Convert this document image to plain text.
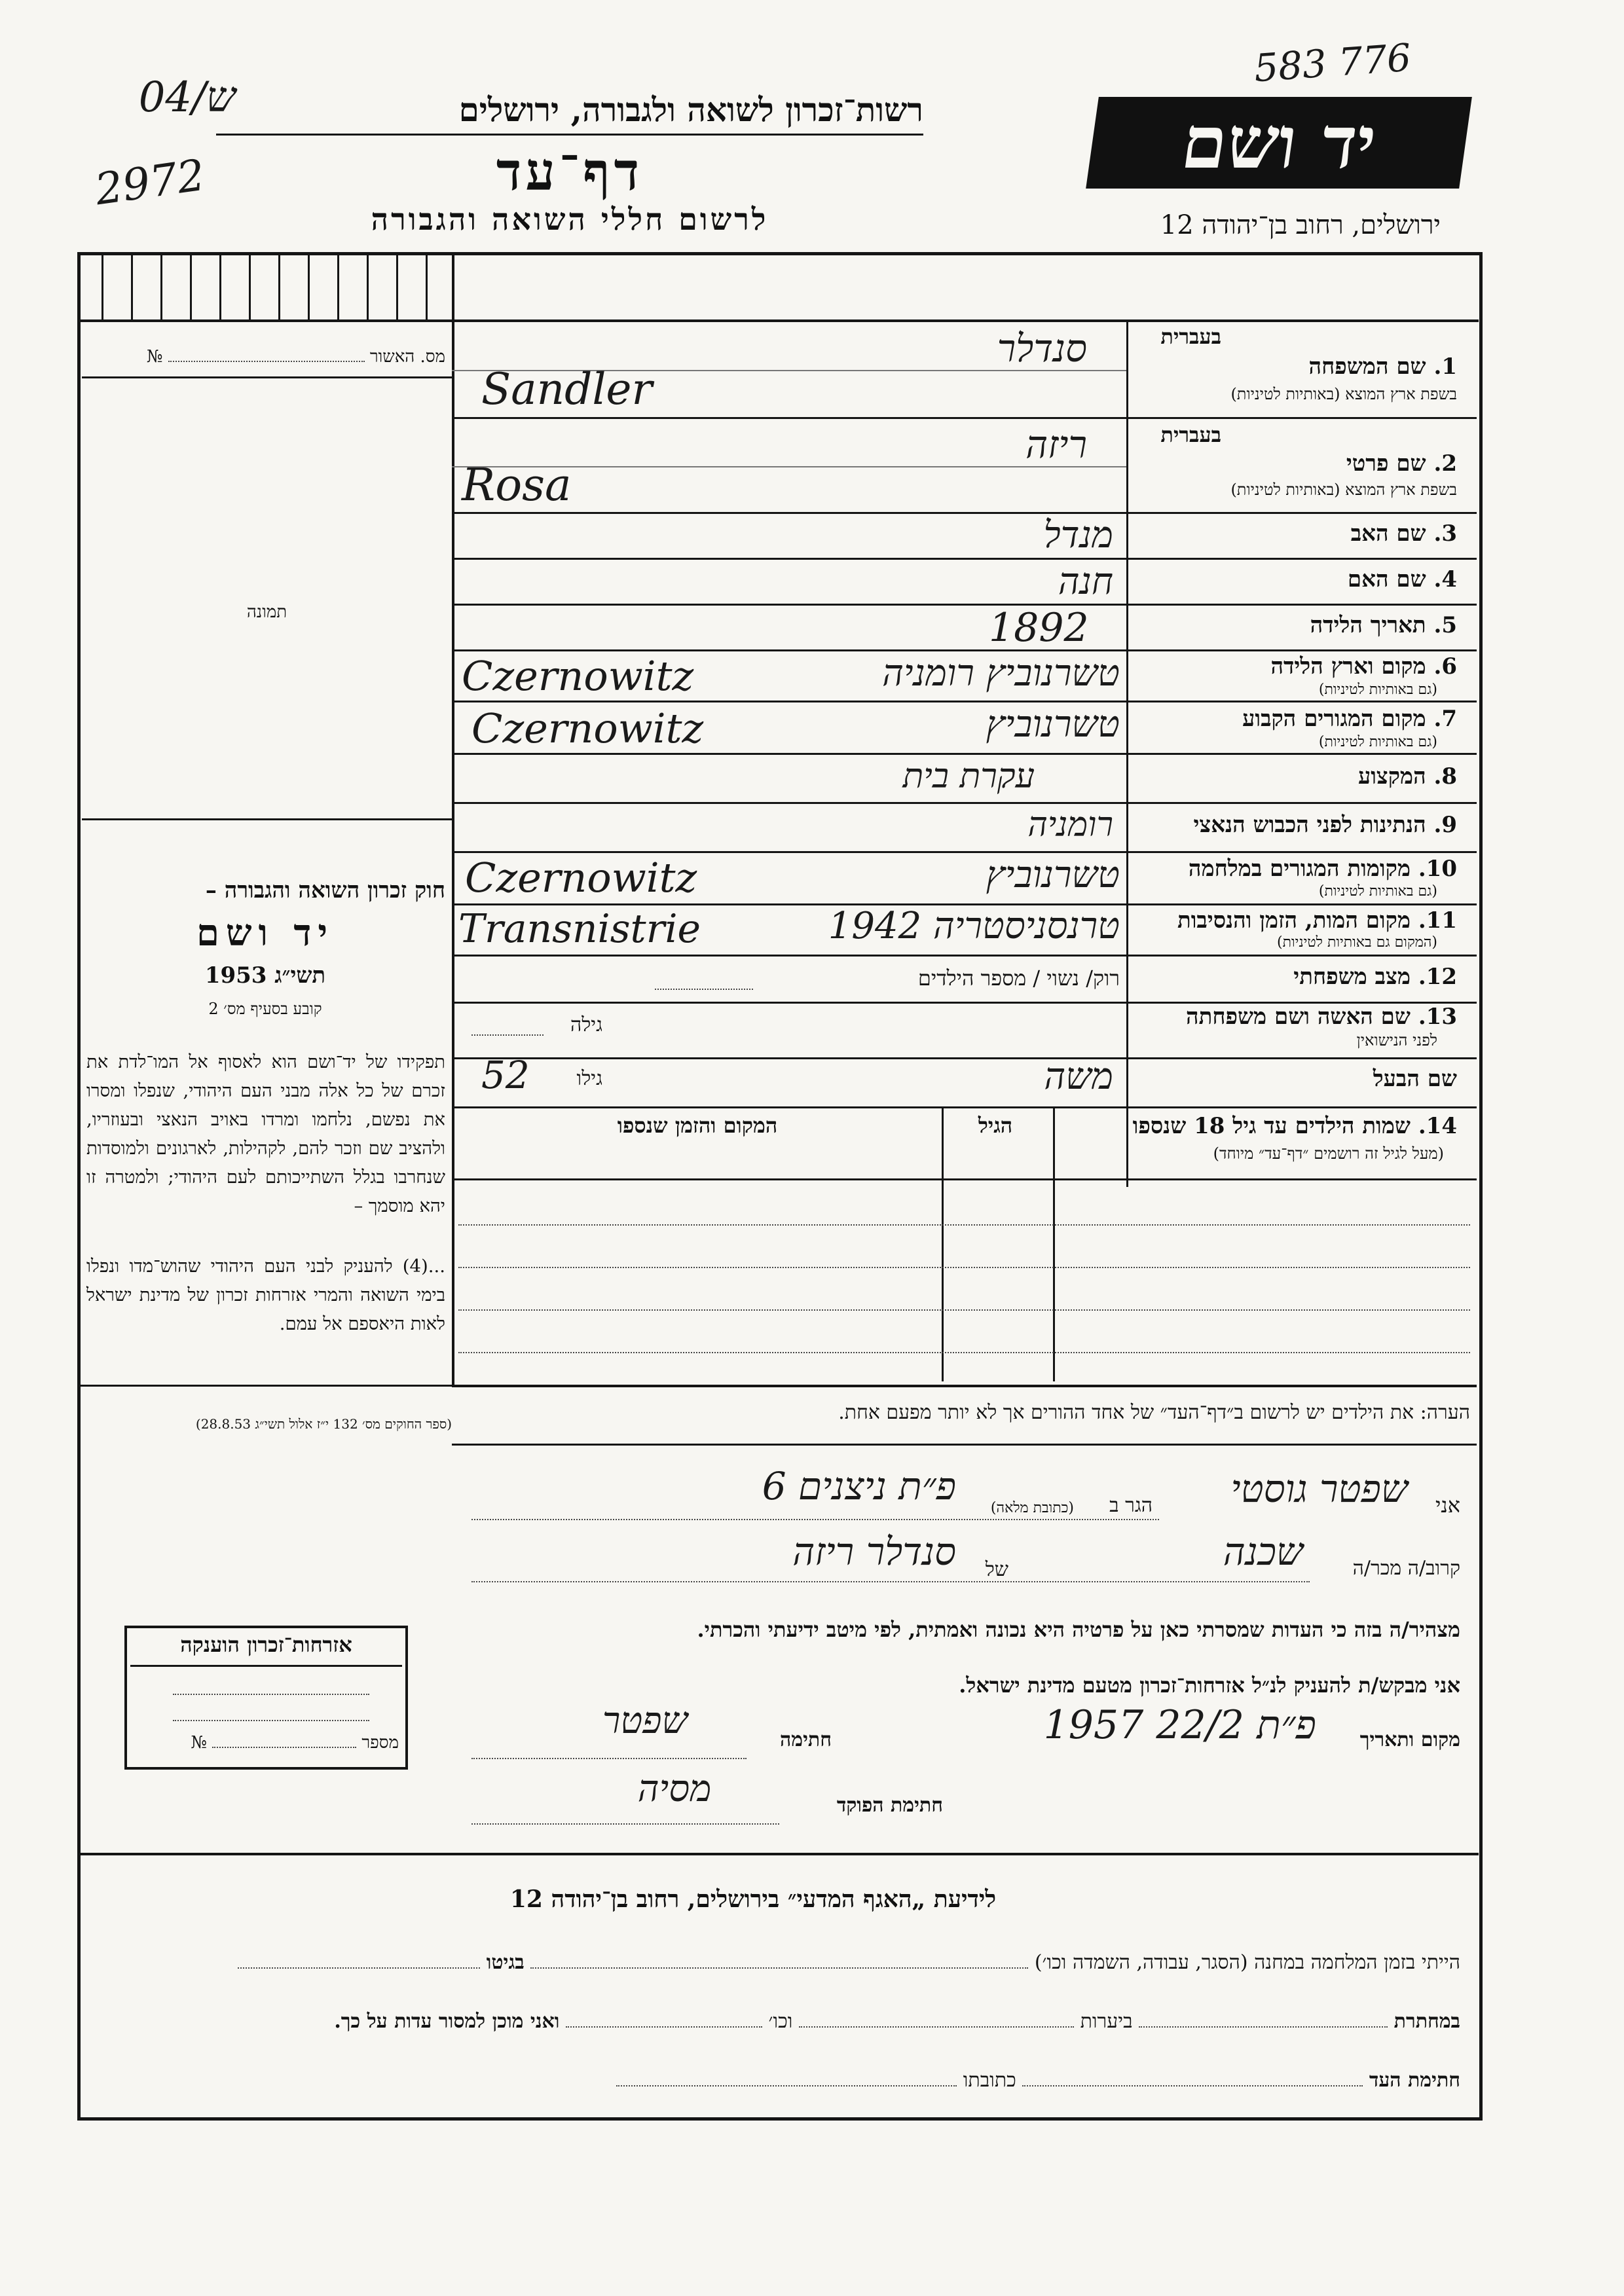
583 776
ש/04
2972
רשות־זכרון לשואה ולגבורה, ירושלים
דף־עד
לרשום חללי השואה והגבורה
יד ושם
ירושלים, רחוב בן־יהודה 12
מס. האשור  №
תמונה
חוק זכרון השואה והגבורה –
יד ושם
תשי״ג 1953
קובע בסעיף מס׳ 2
תפקידו של יד־ושם הוא לאסוף אל המו־לדת את זכרם של כל אלה מבני העם היהודי, שנפלו ומסרו את נפשם, נלחמו ומרדו באויב הנאצי ובעוזריו, ולהציב שם וזכר להם, לקהילות, לארגונים ולמוסדות שנחרבו בגלל השתייכותם לעם היהודי; ולמטרה זו יהא מוסמך –
...(4) להעניק לבני העם היהודי שהוש־מדו ונפלו בימי השואה והמרי אזרחות זכרון של מדינת ישראל לאות היאספם אל עמם.
(ספר החוקים מס׳ 132 י״ז אלול תשי״ג 28.8.53)
אזרחות־זכרון הוענקה
מספר  №
בעברית
1. שם המשפחה
בשפת ארץ המוצא (באותיות לטיניות)
סנדלר
Sandler
בעברית
2. שם פרטי
בשפת ארץ המוצא (באותיות לטיניות)
ריזה
Rosa
3. שם האב
מנדל
4. שם האם
חנה
5. תאריך הלידה
1892
6. מקום וארץ הלידה
(גם באותיות לטיניות)
טשרנוביץ רומניה
Czernowitz
7. מקום המגורים הקבוע
(גם באותיות לטיניות)
טשרנוביץ
Czernowitz
8. המקצוע
עקרת בית
9. הנתינות לפני הכבוש הנאצי
רומניה
10. מקומות המגורים במלחמה
(גם באותיות לטיניות)
טשרנוביץ
Czernowitz
11. מקום המות, הזמן והנסיבות
(המקום גם באותיות לטיניות)
טרנסניסטריה 1942
Transnistrie
12. מצב משפחתי
רוק/ נשוי / מספר הילדים
13. שם האשה ושם משפחתה
לפני הנישואין
גילה
שם הבעל
משה
גילו
52
14. שמות הילדים עד גיל 18 שנספו
(מעל לגיל זה רושמים ״דף־עד״ מיוחד)
הגיל
המקום והזמן שנספו
הערה: את הילדים יש לרשום ב״דף־העד״ של אחד ההורים אך לא יותר מפעם אחת.
אני
שפטר גוסטי
הגר ב
(כתובת מלאה)
פ״ת ניצנים 6
קרוב/ה מכר/ה
שכנה
של
סנדלר ריזה
מצהיר/ה בזה כי העדות שמסרתי כאן על פרטיה היא נכונה ואמתית, לפי מיטב ידיעתי והכרתי.
אני מבקש/ת להעניק לנ״ל אזרחות־זכרון מטעם מדינת ישראל.
מקום ותאריך
פ״ת 22/2 1957
חתימה
שפטר
חתימת הפוקד
מסיה
לידיעת „האגף המדעי״ בירושלים, רחוב בן־יהודה 12
הייתי בזמן המלחמה במחנה (הסגר, עבודה, השמדה וכו׳)  בגיטו
במחתרת  ביערות  וכו׳  ואני מוכן למסור עדות על כך.
חתימת העד  כתובתו
